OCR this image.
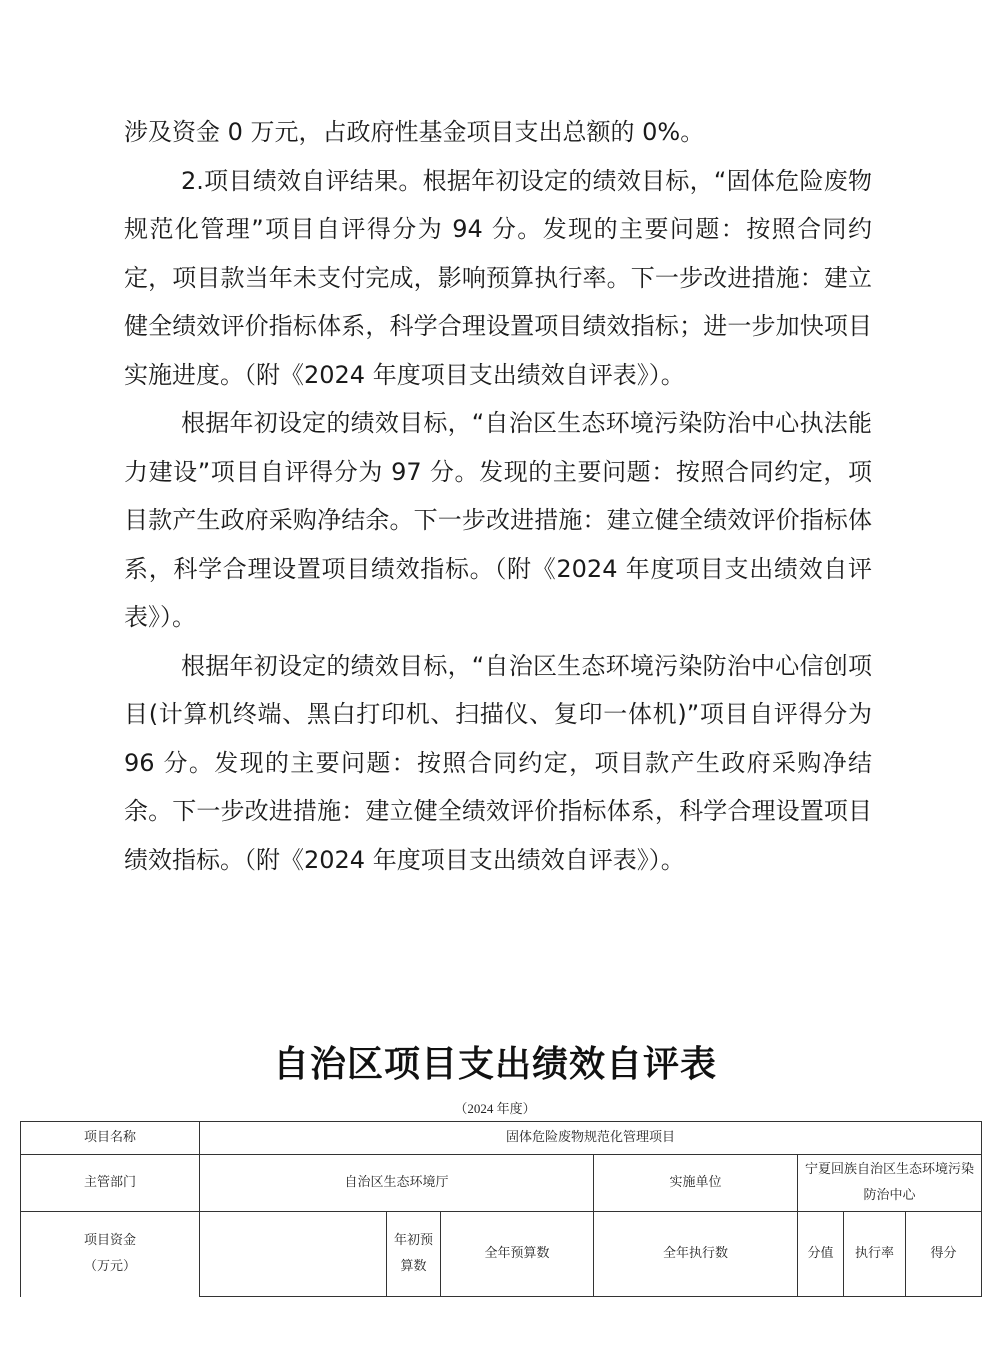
涉及资金 0 万元，占政府性基金项目支出总额的 0%。

2.项目绩效自评结果。根据年初设定的绩效目标，“固体危险废物规范化管理”项目自评得分为 94 分。发现的主要问题：按照合同约定，项目款当年未支付完成，影响预算执行率。下一步改进措施：建立健全绩效评价指标体系，科学合理设置项目绩效指标；进一步加快项目实施进度。（附《2024 年度项目支出绩效自评表》）。

根据年初设定的绩效目标，“自治区生态环境污染防治中心执法能力建设”项目自评得分为 97 分。发现的主要问题：按照合同约定，项目款产生政府采购净结余。下一步改进措施：建立健全绩效评价指标体系，科学合理设置项目绩效指标。（附《2024 年度项目支出绩效自评表》）。

根据年初设定的绩效目标，“自治区生态环境污染防治中心信创项目(计算机终端、黑白打印机、扫描仪、复印一体机)”项目自评得分为 96 分。发现的主要问题：按照合同约定，项目款产生政府采购净结余。下一步改进措施：建立健全绩效评价指标体系，科学合理设置项目绩效指标。（附《2024 年度项目支出绩效自评表》）。

自治区项目支出绩效自评表
（2024 年度）
项目名称	固体危险废物规范化管理项目						
主管部门	自治区生态环境厅			实施单位	宁夏回族自治区生态环境污染防治中心		

项目资金
（万元）		年初预算数	全年预算数	全年执行数	分值	执行率	得分
